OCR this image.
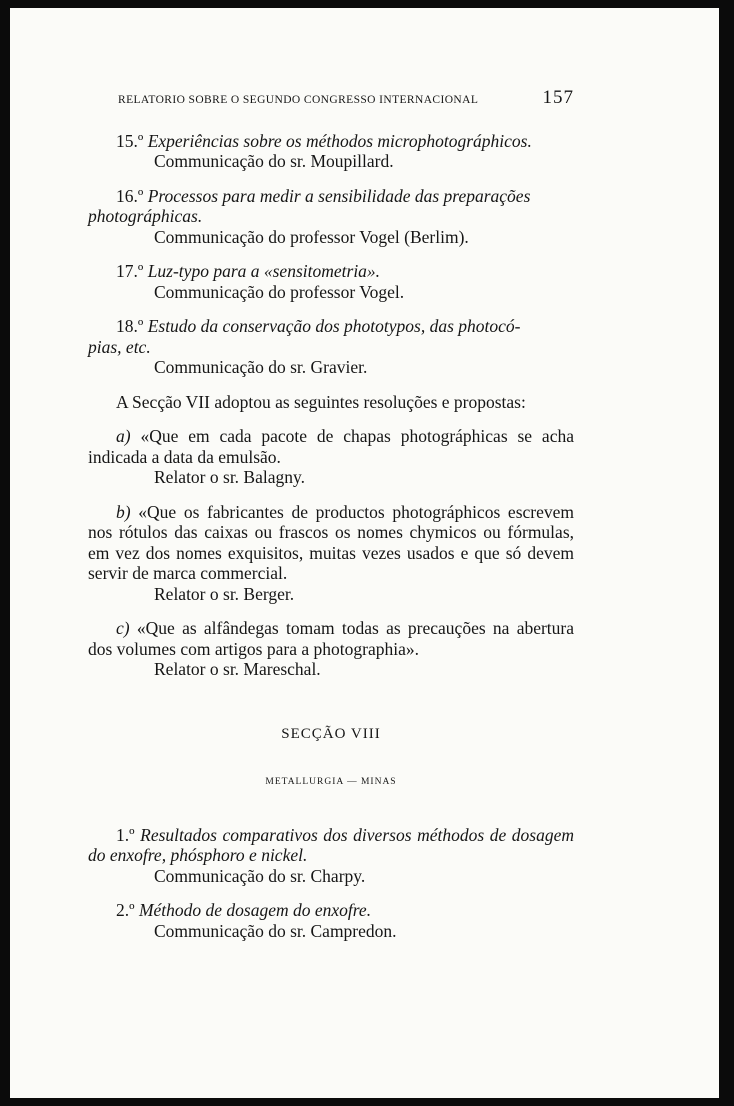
RELATORIO SOBRE O SEGUNDO CONGRESSO INTERNACIONAL	157
15.º Experiências sobre os méthodos microphotográphicos.
Communicação do sr. Moupillard.
16.º Processos para medir a sensibilidade das preparações
photográphicas.
Communicação do professor Vogel (Berlim).
17.º Luz-typo para a «sensitometria».
Communicação do professor Vogel.
18.º Estudo da conservação dos phototypos, das photocó-
pias, etc.
Communicação do sr. Gravier.
A Secção VII adoptou as seguintes resoluções e propostas:
a) «Que em cada pacote de chapas photográphicas se acha indicada a data da emulsão.
Relator o sr. Balagny.
b) «Que os fabricantes de productos photográphicos escrevem nos rótulos das caixas ou frascos os nomes chymicos ou fórmulas, em vez dos nomes exquisitos, muitas vezes usados e que só devem servir de marca commercial.
Relator o sr. Berger.
c) «Que as alfândegas tomam todas as precauções na abertura dos volumes com artigos para a photographia».
Relator o sr. Mareschal.
SECÇÃO VIII
METALLURGIA — MINAS
1.º Resultados comparativos dos diversos méthodos de dosagem do enxofre, phósphoro e nickel.
Communicação do sr. Charpy.
2.º Méthodo de dosagem do enxofre.
Communicação do sr. Campredon.
